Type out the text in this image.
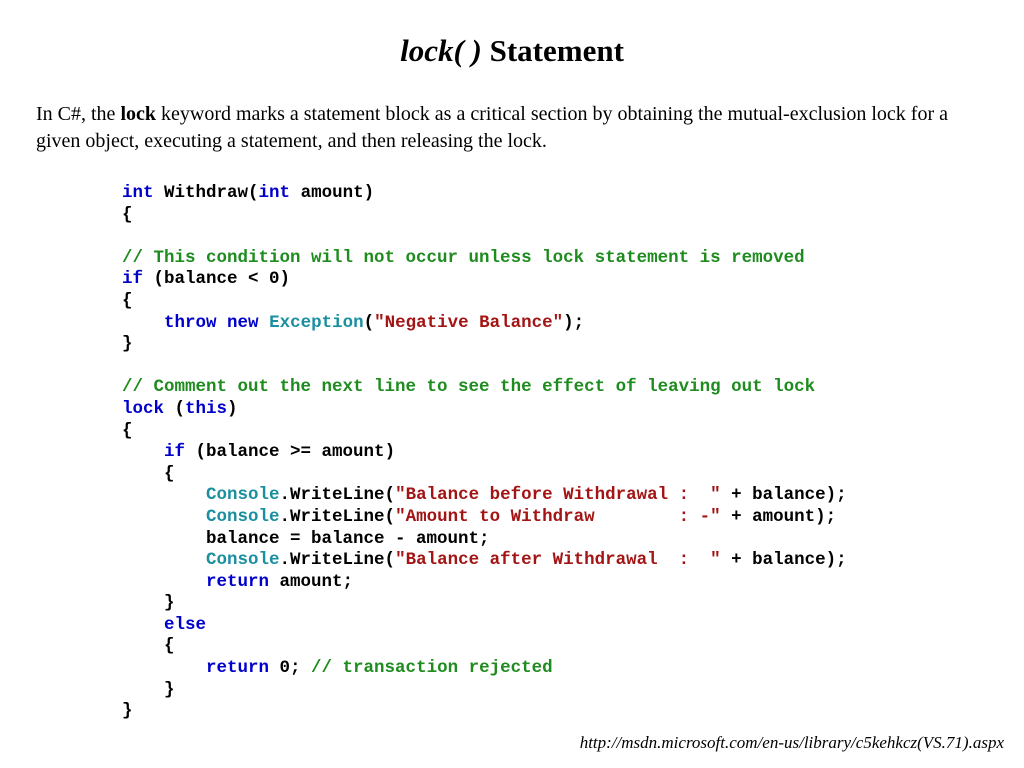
lock( ) Statement
In C#, the lock keyword marks a statement block as a critical section by obtaining the mutual-exclusion lock for a given object, executing a statement, and then releasing the lock.
int Withdraw(int amount)
{
// This condition will not occur unless lock statement is removed
if (balance < 0)
{
throw new Exception("Negative Balance");
}
// Comment out the next line to see the effect of leaving out lock
lock (this)
{
if (balance >= amount)
{
Console.WriteLine("Balance before Withdrawal :  " + balance);
Console.WriteLine("Amount to Withdraw        : -" + amount);
balance = balance - amount;
Console.WriteLine("Balance after Withdrawal  :  " + balance);
return amount;
}
else
{
return 0; // transaction rejected
}
}
http://msdn.microsoft.com/en-us/library/c5kehkcz(VS.71).aspx
